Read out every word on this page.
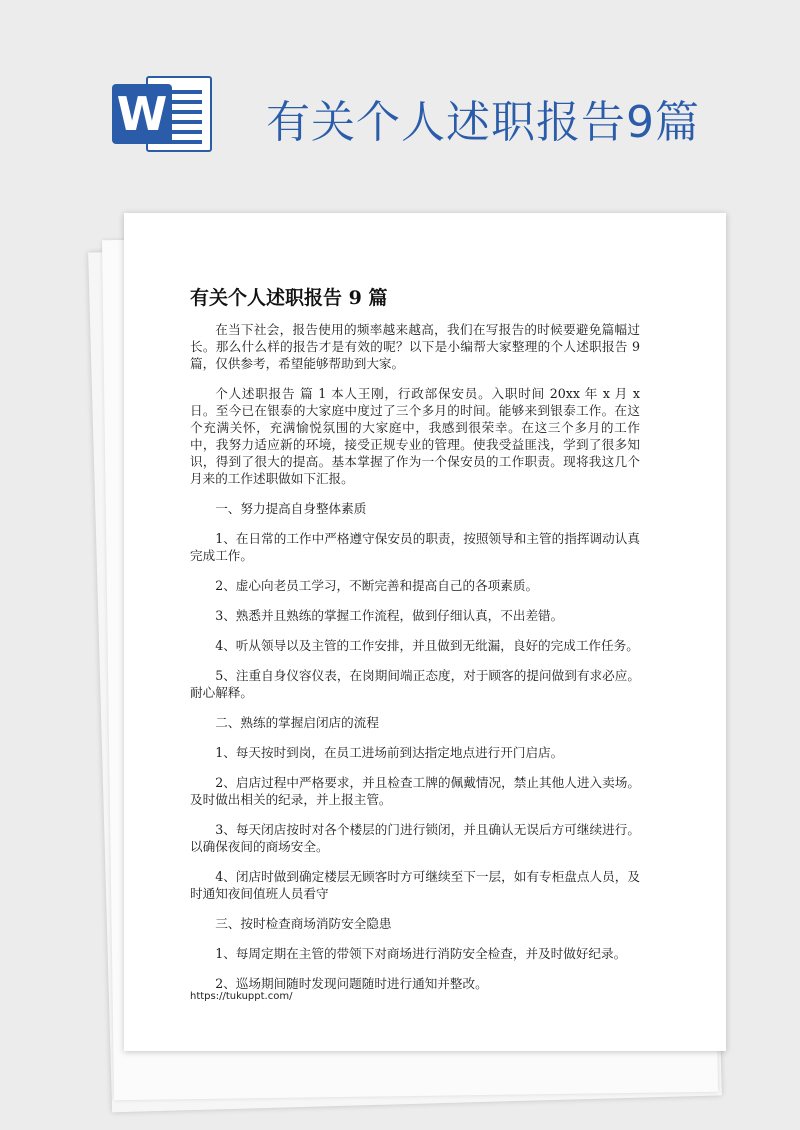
W 有关个人述职报告9篇
有关个人述职报告 9 篇

在当下社会，报告使用的频率越来越高，我们在写报告的时候要避免篇幅过长。那么什么样的报告才是有效的呢？以下是小编帮大家整理的个人述职报告 9 篇，仅供参考，希望能够帮助到大家。

个人述职报告 篇 1 本人王刚，行政部保安员。入职时间 20xx 年 x 月 x 日。至今已在银泰的大家庭中度过了三个多月的时间。能够来到银泰工作。在这个充满关怀，充满愉悦氛围的大家庭中，我感到很荣幸。在这三个多月的工作中，我努力适应新的环境，接受正规专业的管理。使我受益匪浅，学到了很多知识，得到了很大的提高。基本掌握了作为一个保安员的工作职责。现将我这几个月来的工作述职做如下汇报。

一、努力提高自身整体素质

1、在日常的工作中严格遵守保安员的职责，按照领导和主管的指挥调动认真完成工作。

2、虚心向老员工学习，不断完善和提高自己的各项素质。

3、熟悉并且熟练的掌握工作流程，做到仔细认真，不出差错。

4、听从领导以及主管的工作安排，并且做到无纰漏，良好的完成工作任务。

5、注重自身仪容仪表，在岗期间端正态度，对于顾客的提问做到有求必应。耐心解释。

二、熟练的掌握启闭店的流程

1、每天按时到岗，在员工进场前到达指定地点进行开门启店。

2、启店过程中严格要求，并且检查工牌的佩戴情况，禁止其他人进入卖场。及时做出相关的纪录，并上报主管。

3、每天闭店按时对各个楼层的门进行锁闭，并且确认无误后方可继续进行。以确保夜间的商场安全。

4、闭店时做到确定楼层无顾客时方可继续至下一层，如有专柜盘点人员，及时通知夜间值班人员看守

三、按时检查商场消防安全隐患

1、每周定期在主管的带领下对商场进行消防安全检查，并及时做好纪录。

2、巡场期间随时发现问题随时进行通知并整改。

https://tukuppt.com/
